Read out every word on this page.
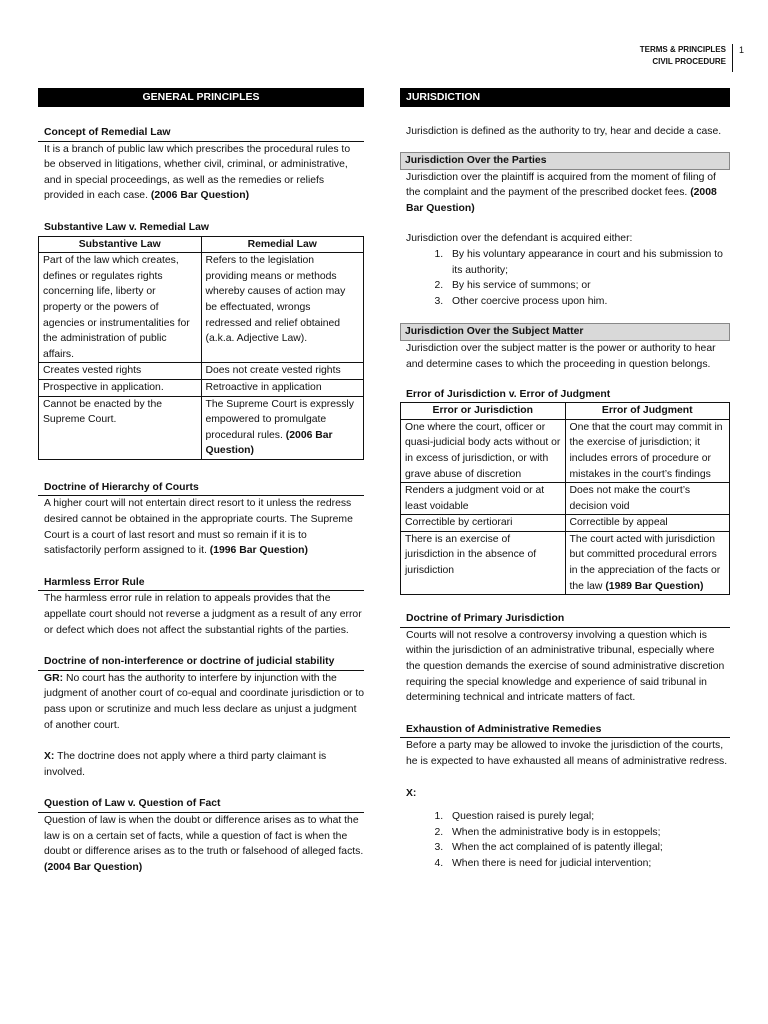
TERMS & PRINCIPLES
CIVIL PROCEDURE
1
GENERAL PRINCIPLES
Concept of Remedial Law
It is a branch of public law which prescribes the procedural rules to be observed in litigations, whether civil, criminal, or administrative, and in special proceedings, as well as the remedies or reliefs provided in each case. (2006 Bar Question)
Substantive Law v. Remedial Law
Substantive Law	Remedial Law
Part of the law which creates, defines or regulates rights concerning life, liberty or property or the powers of agencies or instrumentalities for the administration of public affairs.	Refers to the legislation providing means or methods whereby causes of action may be effectuated, wrongs redressed and relief obtained (a.k.a. Adjective Law).
Creates vested rights	Does not create vested rights
Prospective in application.	Retroactive in application
Cannot be enacted by the Supreme Court.	The Supreme Court is expressly empowered to promulgate procedural rules. (2006 Bar Question)
Doctrine of Hierarchy of Courts
A higher court will not entertain direct resort to it unless the redress desired cannot be obtained in the appropriate courts. The Supreme Court is a court of last resort and must so remain if it is to satisfactorily perform assigned to it. (1996 Bar Question)
Harmless Error Rule
The harmless error rule in relation to appeals provides that the appellate court should not reverse a judgment as a result of any error or defect which does not affect the substantial rights of the parties.
Doctrine of non-interference or doctrine of judicial stability
GR: No court has the authority to interfere by injunction with the judgment of another court of co-equal and coordinate jurisdiction or to pass upon or scrutinize and much less declare as unjust a judgment of another court.
X: The doctrine does not apply where a third party claimant is involved.
Question of Law v. Question of Fact
Question of law is when the doubt or difference arises as to what the law is on a certain set of facts, while a question of fact is when the doubt or difference arises as to the truth or falsehood of alleged facts. (2004 Bar Question)
JURISDICTION
Jurisdiction is defined as the authority to try, hear and decide a case.
Jurisdiction Over the Parties
Jurisdiction over the plaintiff is acquired from the moment of filing of the complaint and the payment of the prescribed docket fees. (2008 Bar Question)
Jurisdiction over the defendant is acquired either:
1. By his voluntary appearance in court and his submission to its authority;
2. By his service of summons; or
3. Other coercive process upon him.
Jurisdiction Over the Subject Matter
Jurisdiction over the subject matter is the power or authority to hear and determine cases to which the proceeding in question belongs.
Error of Jurisdiction v. Error of Judgment
Error or Jurisdiction	Error of Judgment
One where the court, officer or quasi-judicial body acts without or in excess of jurisdiction, or with grave abuse of discretion	One that the court may commit in the exercise of jurisdiction; it includes errors of procedure or mistakes in the court’s findings
Renders a judgment void or at least voidable	Does not make the court’s decision void
Correctible by certiorari	Correctible by appeal
There is an exercise of jurisdiction in the absence of jurisdiction	The court acted with jurisdiction but committed procedural errors in the appreciation of the facts or the law (1989 Bar Question)
Doctrine of Primary Jurisdiction
Courts will not resolve a controversy involving a question which is within the jurisdiction of an administrative tribunal, especially where the question demands the exercise of sound administrative discretion requiring the special knowledge and experience of said tribunal in determining technical and intricate matters of fact.
Exhaustion of Administrative Remedies
Before a party may be allowed to invoke the jurisdiction of the courts, he is expected to have exhausted all means of administrative redress.
X:
1. Question raised is purely legal;
2. When the administrative body is in estoppels;
3. When the act complained of is patently illegal;
4. When there is need for judicial intervention;
